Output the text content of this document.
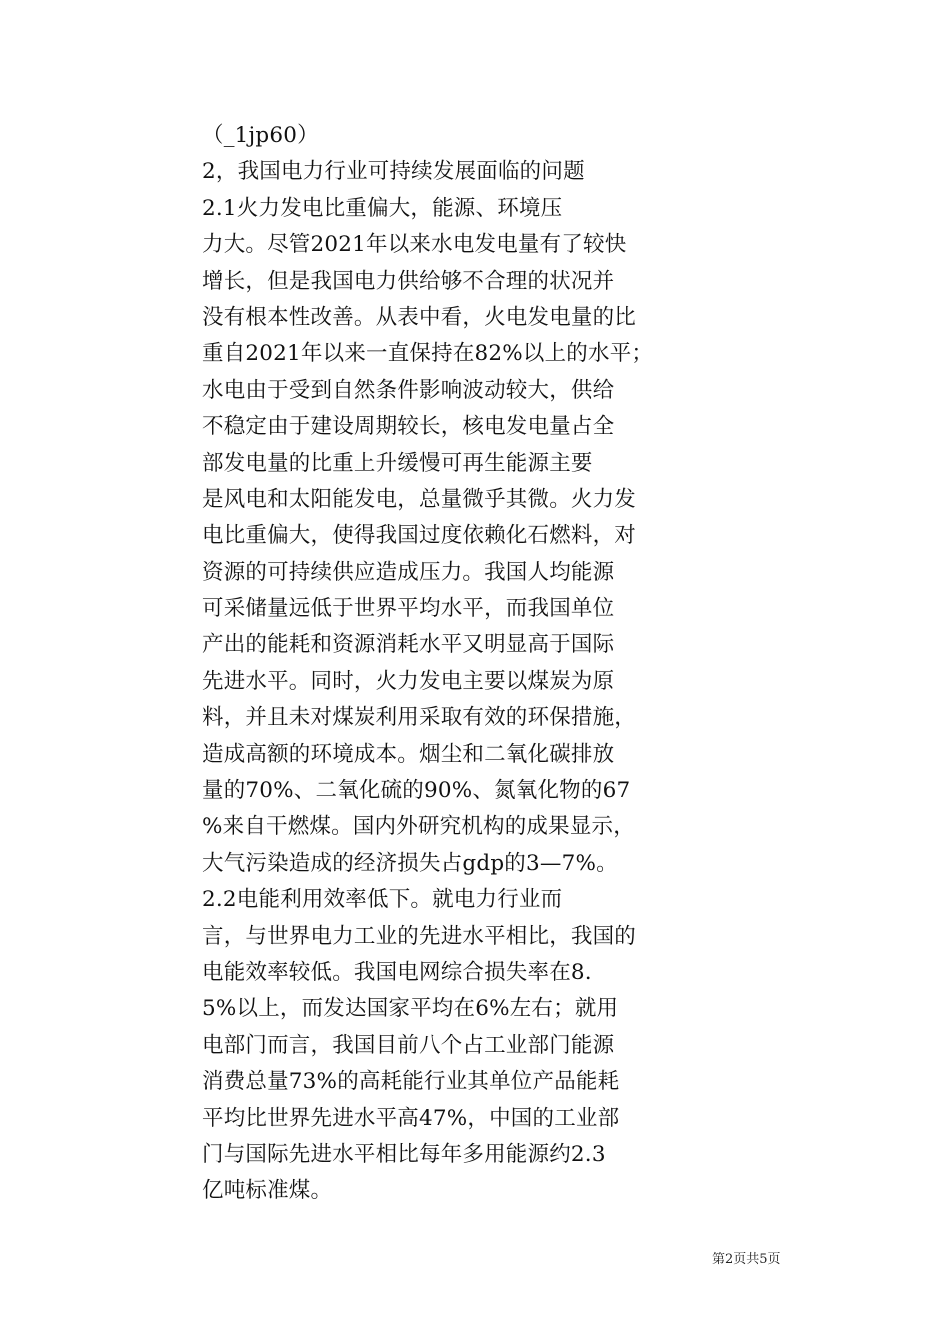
（_1jp60）
2，我国电力行业可持续发展面临的问题
2.1火力发电比重偏大，能源、环境压
力大。尽管2021年以来水电发电量有了较快
增长，但是我国电力供给够不合理的状况并
没有根本性改善。从表中看，火电发电量的比
重自2021年以来一直保持在82%以上的水平；
水电由于受到自然条件影响波动较大，供给
不稳定由于建设周期较长，核电发电量占全
部发电量的比重上升缓慢可再生能源主要
是风电和太阳能发电，总量微乎其微。火力发
电比重偏大，使得我国过度依赖化石燃料，对
资源的可持续供应造成压力。我国人均能源
可采储量远低于世界平均水平，而我国单位
产出的能耗和资源消耗水平又明显高于国际
先进水平。同时，火力发电主要以煤炭为原
料，并且未对煤炭利用采取有效的环保措施，
造成高额的环境成本。烟尘和二氧化碳排放
量的70%、二氧化硫的90%、氮氧化物的67
%来自干燃煤。国内外研究机构的成果显示，
大气污染造成的经济损失占gdp的3—7%。
2.2电能利用效率低下。就电力行业而
言，与世界电力工业的先进水平相比，我国的
电能效率较低。我国电网综合损失率在8.
5%以上，而发达国家平均在6%左右；就用
电部门而言，我国目前八个占工业部门能源
消费总量73%的高耗能行业其单位产品能耗
平均比世界先进水平高47%，中国的工业部
门与国际先进水平相比每年多用能源约2.3
亿吨标准煤。
第2页共5页
